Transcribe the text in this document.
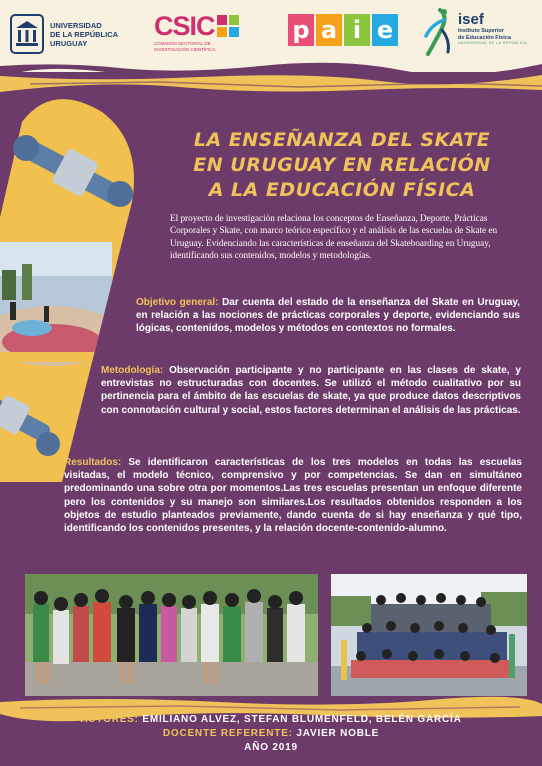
UNIVERSIDAD
DE LA REPÚBLICA
URUGUAY
CSIC
COMISIÓN SECTORIAL DE
INVESTIGACIÓN CIENTÍFICA
p a i e	isef
Instituto Superior
de Educación Física
UNIVERSIDAD DE LA REPÚBLICA
LA ENSEÑANZA DEL SKATE
EN URUGUAY EN RELACIÓN
A LA EDUCACIÓN FÍSICA
El proyecto de investigaciòn relaciona los conceptos de Enseñanza, Deporte, Prácticas Corporales y Skate, con marco teórico específico y el análisis de las escuelas de Skate en Uruguay. Evidenciando las características de enseñanza del Skateboarding en Uruguay, identificando sus contenidos, modelos y metodologías.
Objetivo general: Dar cuenta del estado de la enseñanza del Skate en Uruguay, en relación a las nociones de prácticas corporales y deporte, evidenciando sus lógicas, contenidos, modelos y métodos en contextos no formales.
Metodología: Observación participante y no participante en las clases de skate, y entrevistas no estructuradas con docentes. Se utilizó el método cualitativo por su pertinencia para el ámbito de las escuelas de skate, ya que produce datos descriptivos con connotación cultural y social, estos factores determinan el análisis de las prácticas.
Resultados: Se identificaron características de los tres modelos en todas las escuelas visitadas, el modelo técnico, comprensivo y por competencias. Se dan en simultáneo predominando una sobre otra por momentos.Las tres escuelas presentan un enfoque diferente pero los contenidos y su manejo son similares.Los resultados obtenidos responden a los objetos de estudio planteados previamente, dando cuenta de si hay enseñanza y qué tipo, identificando los contenidos presentes, y la relación docente-contenido-alumno.
AUTORES: EMILIANO ALVEZ, STEFAN BLUMENFELD, BELÉN GARCÍA
DOCENTE REFERENTE: JAVIER NOBLE
AÑO 2019
